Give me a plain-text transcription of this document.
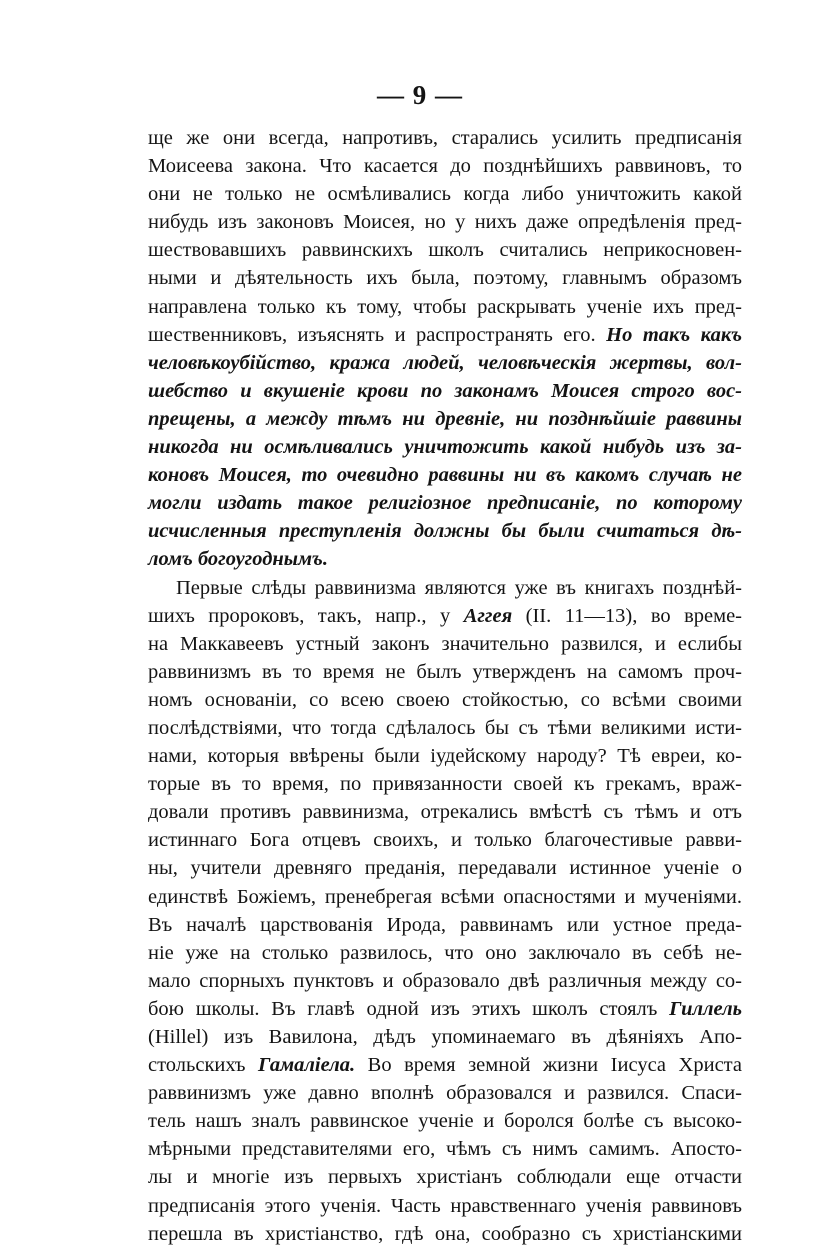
— 9 —
ще же они всегда, напротивъ, старались усилить предписанія
Моисеева закона. Что касается до позднѣйшихъ раввиновъ, то
они не только не осмѣливались когда либо уничтожить какой
нибудь изъ законовъ Моисея, но у нихъ даже опредѣленія пред-
шествовавшихъ раввинскихъ школъ считались неприкосновен-
ными и дѣятельность ихъ была, поэтому, главнымъ образомъ
направлена только къ тому, чтобы раскрывать ученіе ихъ пред-
шественниковъ, изъяснять и распространять его. Но такъ какъ
человѣкоубійство, кража людей, человѣческія жертвы, вол-
шебство и вкушеніе крови по законамъ Моисея строго вос-
прещены, а между тѣмъ ни древніе, ни позднѣйшіе раввины
никогда ни осмѣливались уничтожить какой нибудь изъ за-
коновъ Моисея, то очевидно раввины ни въ какомъ случаѣ не
могли издать такое религіозное предписаніе, по которому
исчисленныя преступленія должны бы были считаться дѣ-
ломъ богоугоднымъ.
Первые слѣды раввинизма являются уже въ книгахъ позднѣй-
шихъ пророковъ, такъ, напр., у Аггея (II. 11—13), во време-
на Маккавеевъ устный законъ значительно развился, и еслибы
раввинизмъ въ то время не былъ утвержденъ на самомъ проч-
номъ основаніи, со всею своею стойкостью, со всѣми своими
послѣдствіями, что тогда сдѣлалось бы съ тѣми великими исти-
нами, которыя ввѣрены были іудейскому народу? Тѣ евреи, ко-
торые въ то время, по привязанности своей къ грекамъ, враж-
довали противъ раввинизма, отрекались вмѣстѣ съ тѣмъ и отъ
истиннаго Бога отцевъ своихъ, и только благочестивые равви-
ны, учители древняго преданія, передавали истинное ученіе о
единствѣ Божіемъ, пренебрегая всѣми опасностями и мученіями.
Въ началѣ царствованія Ирода, раввинамъ или устное преда-
ніе уже на столько развилось, что оно заключало въ себѣ не-
мало спорныхъ пунктовъ и образовало двѣ различныя между со-
бою школы. Въ главѣ одной изъ этихъ школъ стоялъ Гиллель
(Hillel) изъ Вавилона, дѣдъ упоминаемаго въ дѣяніяхъ Апо-
стольскихъ Гамаліела. Во время земной жизни Іисуса Христа
раввинизмъ уже давно вполнѣ образовался и развился. Спаси-
тель нашъ зналъ раввинское ученіе и боролся болѣе съ высоко-
мѣрными представителями его, чѣмъ съ нимъ самимъ. Апосто-
лы и многіе изъ первыхъ христіанъ соблюдали еще отчасти
предписанія этого ученія. Часть нравственнаго ученія раввиновъ
перешла въ христіанство, гдѣ она, сообразно съ христіанскими
